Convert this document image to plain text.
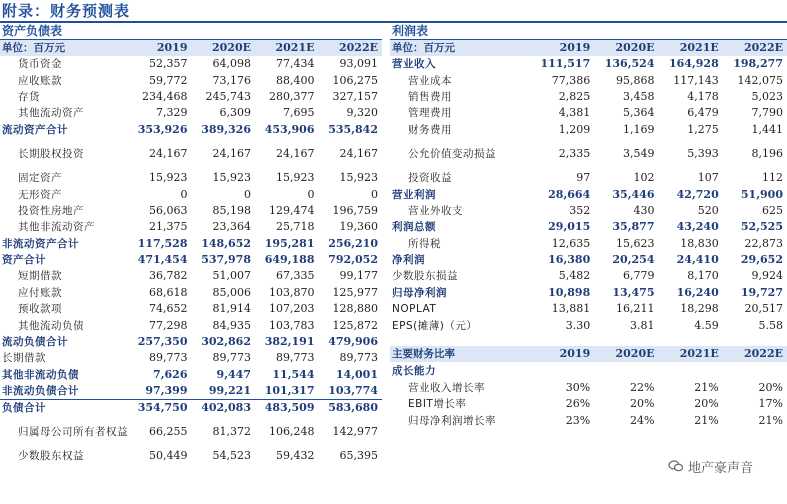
附录：财务预测表
资产负债表
单位：百万元	2019	2020E	2021E	2022E
货币资金	52,357	64,098	77,434	93,091
应收账款	59,772	73,176	88,400	106,275
存货	234,468	245,743	280,377	327,157
其他流动资产	7,329	6,309	7,695	9,320
流动资产合计	353,926	389,326	453,906	535,842
长期股权投资	24,167	24,167	24,167	24,167
固定资产	15,923	15,923	15,923	15,923
无形资产	0	0	0	0
投资性房地产	56,063	85,198	129,474	196,759
其他非流动资产	21,375	23,364	25,718	19,360
非流动资产合计	117,528	148,652	195,281	256,210
资产合计	471,454	537,978	649,188	792,052
短期借款	36,782	51,007	67,335	99,177
应付账款	68,618	85,006	103,870	125,977
预收款项	74,652	81,914	107,203	128,880
其他流动负债	77,298	84,935	103,783	125,872
流动负债合计	257,350	302,862	382,191	479,906
长期借款	89,773	89,773	89,773	89,773
其他非流动负债	7,626	9,447	11,544	14,001
非流动负债合计	97,399	99,221	101,317	103,774
负债合计	354,750	402,083	483,509	583,680
归属母公司所有者权益	66,255	81,372	106,248	142,977
少数股东权益	50,449	54,523	59,432	65,395
利润表
单位：百万元	2019	2020E	2021E	2022E
营业收入	111,517	136,524	164,928	198,277
营业成本	77,386	95,868	117,143	142,075
销售费用	2,825	3,458	4,178	5,023
管理费用	4,381	5,364	6,479	7,790
财务费用	1,209	1,169	1,275	1,441
公允价值变动损益	2,335	3,549	5,393	8,196
投资收益	97	102	107	112
营业利润	28,664	35,446	42,720	51,900
营业外收支	352	430	520	625
利润总额	29,015	35,877	43,240	52,525
所得税	12,635	15,623	18,830	22,873
净利润	16,380	20,254	24,410	29,652
少数股东损益	5,482	6,779	8,170	9,924
归母净利润	10,898	13,475	16,240	19,727
NOPLAT	13,881	16,211	18,298	20,517
EPS(摊薄)（元）	3.30	3.81	4.59	5.58
主要财务比率	2019	2020E	2021E	2022E
成长能力				
营业收入增长率	30%	22%	21%	20%
EBIT增长率	26%	20%	20%	17%
归母净利润增长率	23%	24%	21%	21%
地产豪声音
